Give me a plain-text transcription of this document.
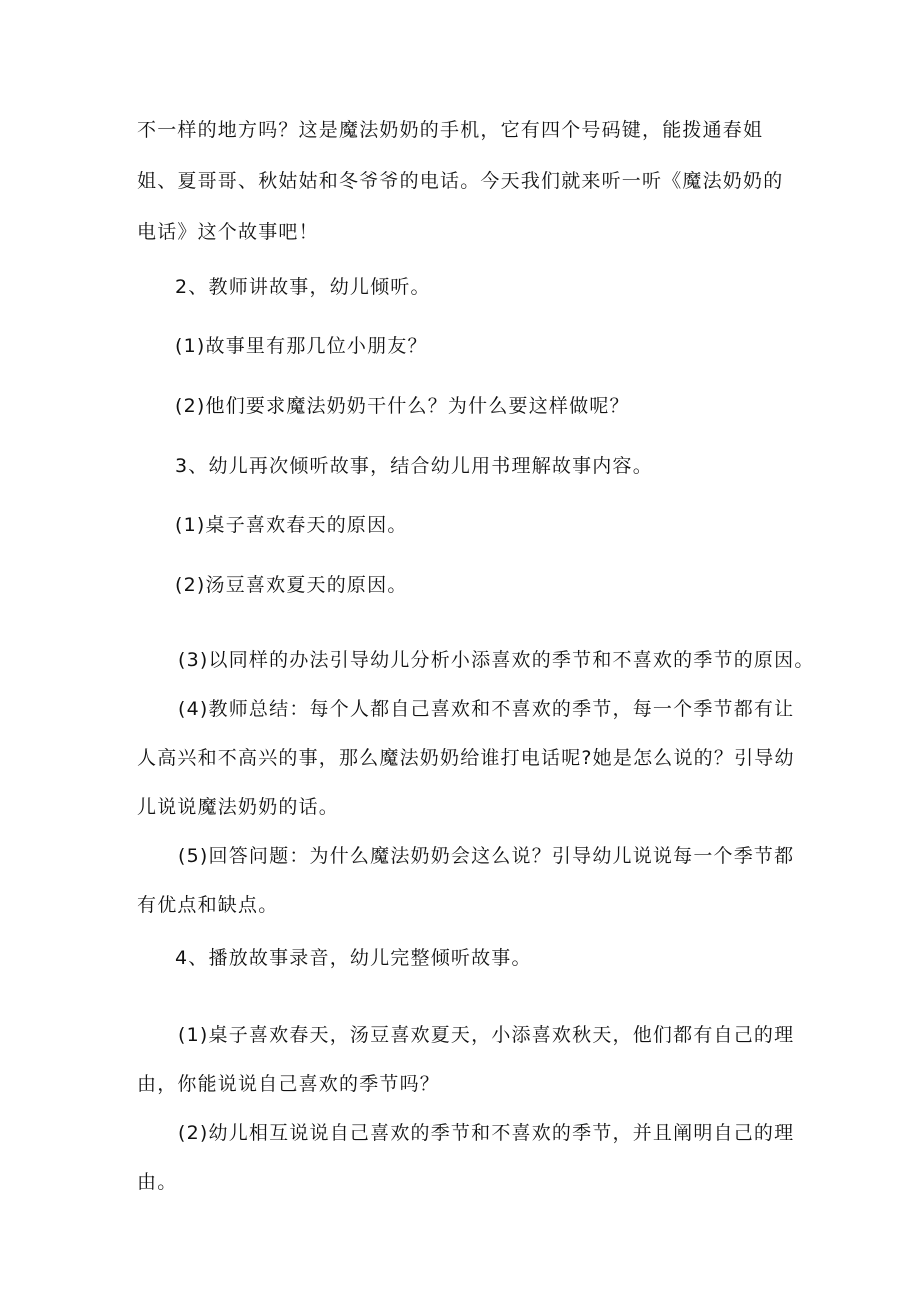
不一样的地方吗？这是魔法奶奶的手机，它有四个号码键，能拨通春姐
姐、夏哥哥、秋姑姑和冬爷爷的电话。今天我们就来听一听《魔法奶奶的
电话》这个故事吧！
2、教师讲故事，幼儿倾听。
(1)故事里有那几位小朋友？
(2)他们要求魔法奶奶干什么？为什么要这样做呢？
3、幼儿再次倾听故事，结合幼儿用书理解故事内容。
(1)桌子喜欢春天的原因。
(2)汤豆喜欢夏天的原因。
(3)以同样的办法引导幼儿分析小添喜欢的季节和不喜欢的季节的原因。
(4)教师总结：每个人都自己喜欢和不喜欢的季节，每一个季节都有让
人高兴和不高兴的事，那么魔法奶奶给谁打电话呢?她是怎么说的？引导幼
儿说说魔法奶奶的话。
(5)回答问题：为什么魔法奶奶会这么说？引导幼儿说说每一个季节都
有优点和缺点。
4、播放故事录音，幼儿完整倾听故事。
(1)桌子喜欢春天，汤豆喜欢夏天，小添喜欢秋天，他们都有自己的理
由，你能说说自己喜欢的季节吗？
(2)幼儿相互说说自己喜欢的季节和不喜欢的季节，并且阐明自己的理
由。
